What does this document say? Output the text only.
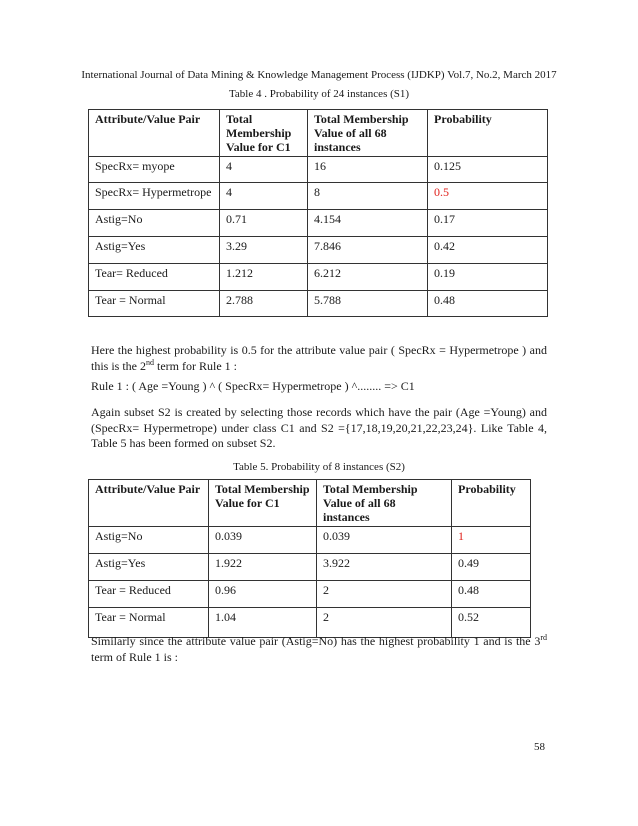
International Journal of Data Mining & Knowledge Management Process (IJDKP) Vol.7, No.2, March 2017
Table 4 . Probability of 24 instances (S1)
Attribute/Value Pair	Total Membership Value for C1	Total Membership Value of all 68 instances	Probability
SpecRx= myope	4	16	0.125
SpecRx= Hypermetrope	4	8	0.5
Astig=No	0.71	4.154	0.17
Astig=Yes	3.29	7.846	0.42
Tear= Reduced	1.212	6.212	0.19
Tear = Normal	2.788	5.788	0.48
Here the highest probability is 0.5 for the attribute value pair ( SpecRx = Hypermetrope ) and this is the 2nd term for Rule 1 :
Rule 1 : ( Age =Young ) ^ ( SpecRx= Hypermetrope ) ^........ => C1
Again subset S2 is created by selecting those records which have the pair (Age =Young) and (SpecRx= Hypermetrope) under class C1 and S2 ={17,18,19,20,21,22,23,24}. Like Table 4, Table 5 has been formed on subset S2.
Table 5. Probability of 8 instances (S2)
Attribute/Value Pair	Total Membership Value for C1	Total Membership Value of all 68 instances	Probability
Astig=No	0.039	0.039	1
Astig=Yes	1.922	3.922	0.49
Tear = Reduced	0.96	2	0.48
Tear = Normal	1.04	2	0.52
Similarly since the attribute value pair (Astig=No) has the highest probability 1 and is the 3rd term of Rule 1 is :
58
